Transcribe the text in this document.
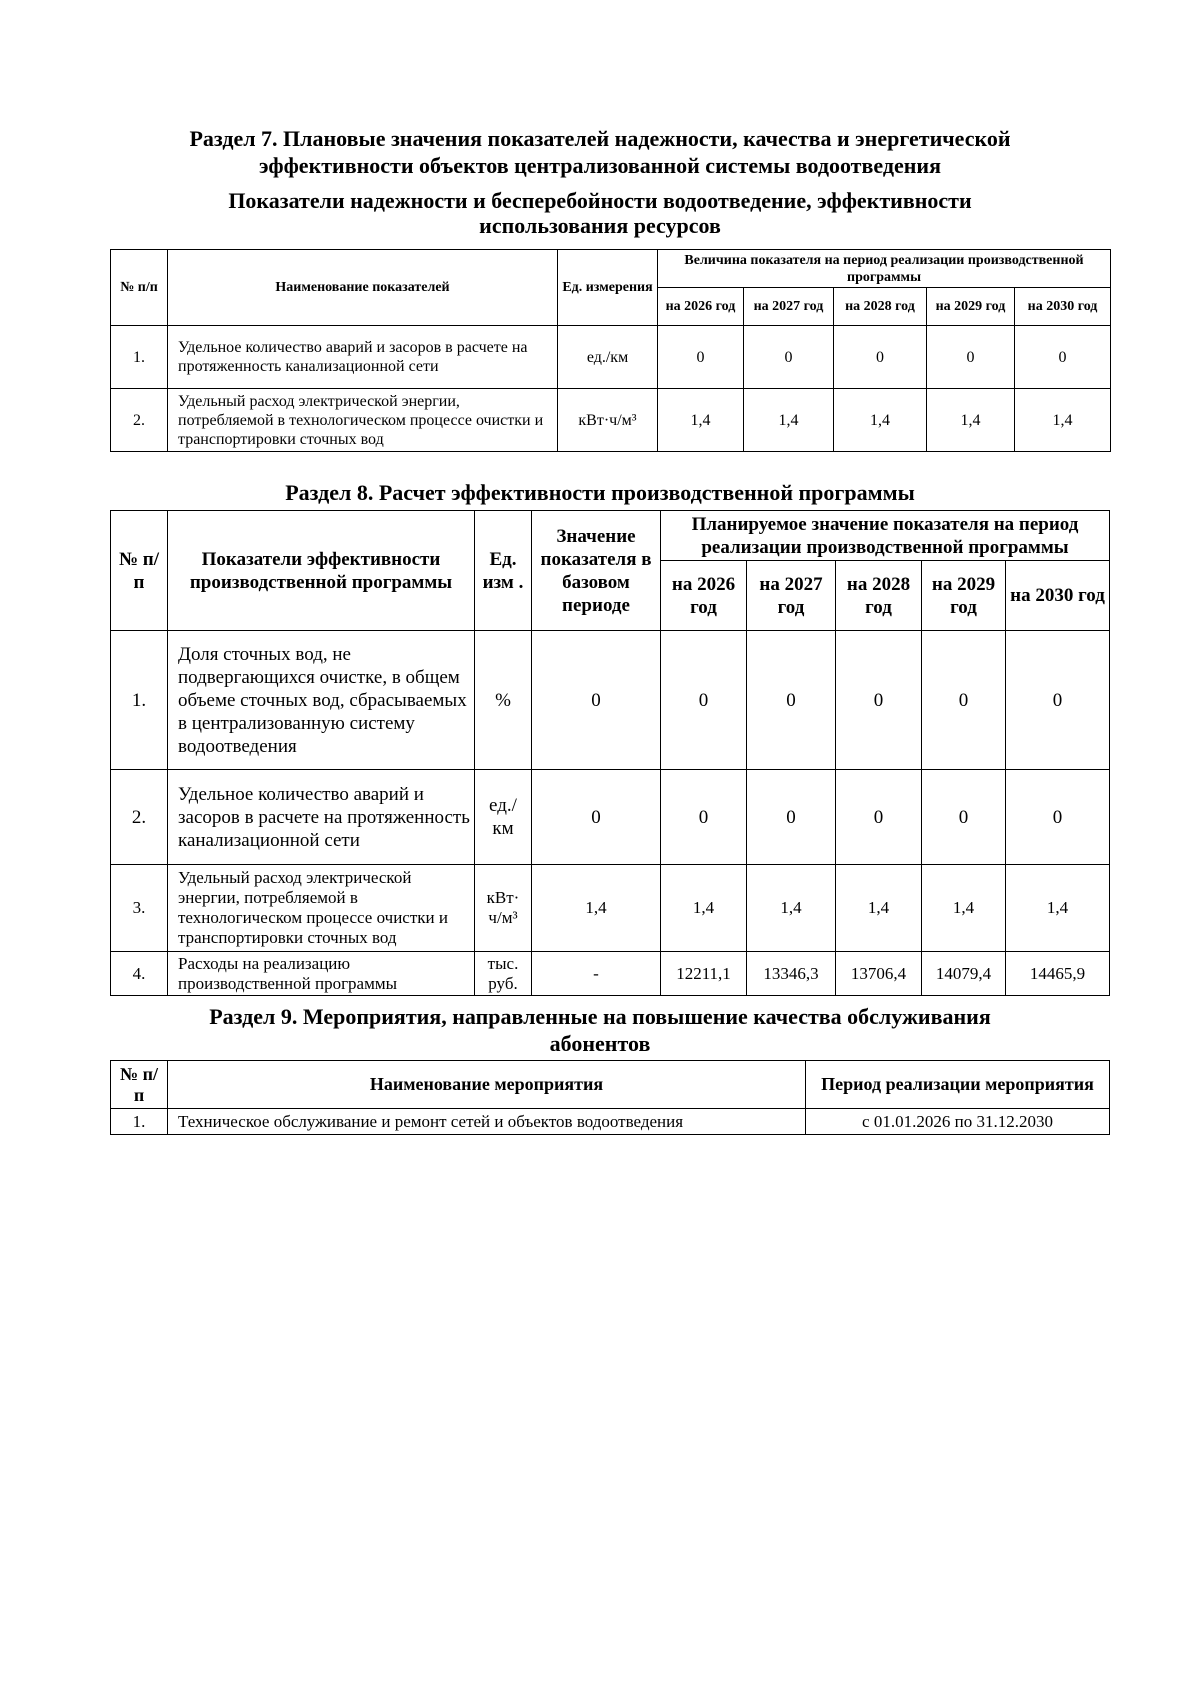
Раздел 7. Плановые значения показателей надежности, качества и энергетической
эффективности объектов централизованной системы водоотведения
Показатели надежности и бесперебойности водоотведение, эффективности
использования ресурсов
№ п/п	Наименование показателей	Ед. измерения	Величина показателя на период реализации производственной программы				
			на 2026 год	на 2027 год	на 2028 год	на 2029 год	на 2030 год
1.	Удельное количество аварий и засоров в расчете на протяженность канализационной сети	ед./км	0	0	0	0	0
2.	Удельный расход электрической энергии, потребляемой в технологическом процессе очистки и транспортировки сточных вод	кВт·ч/м³	1,4	1,4	1,4	1,4	1,4
Раздел 8. Расчет эффективности производственной программы
№ п/п	Показатели эффективности производственной программы	Ед. изм .	Значение показателя в базовом периоде	Планируемое значение показателя на период реализации производственной программы				
				на 2026 год	на 2027 год	на 2028 год	на 2029 год	на 2030 год
1.	Доля сточных вод, не подвергающихся очистке, в общем объеме сточных вод, сбрасываемых в централизованную систему водоотведения	%	0	0	0	0	0	0
2.	Удельное количество аварий и засоров в расчете на протяженность канализационной сети	ед./ км	0	0	0	0	0	0
3.	Удельный расход электрической энергии, потребляемой в технологическом процессе очистки и транспортировки сточных вод	кВт· ч/м³	1,4	1,4	1,4	1,4	1,4	1,4
4.	Расходы на реализацию производственной программы	тыс. руб.	-	12211,1	13346,3	13706,4	14079,4	14465,9
Раздел 9. Мероприятия, направленные на повышение качества обслуживания
абонентов
№ п/п	Наименование мероприятия	Период реализации мероприятия
1.	Техническое обслуживание и ремонт сетей и объектов водоотведения	с 01.01.2026 по 31.12.2030
